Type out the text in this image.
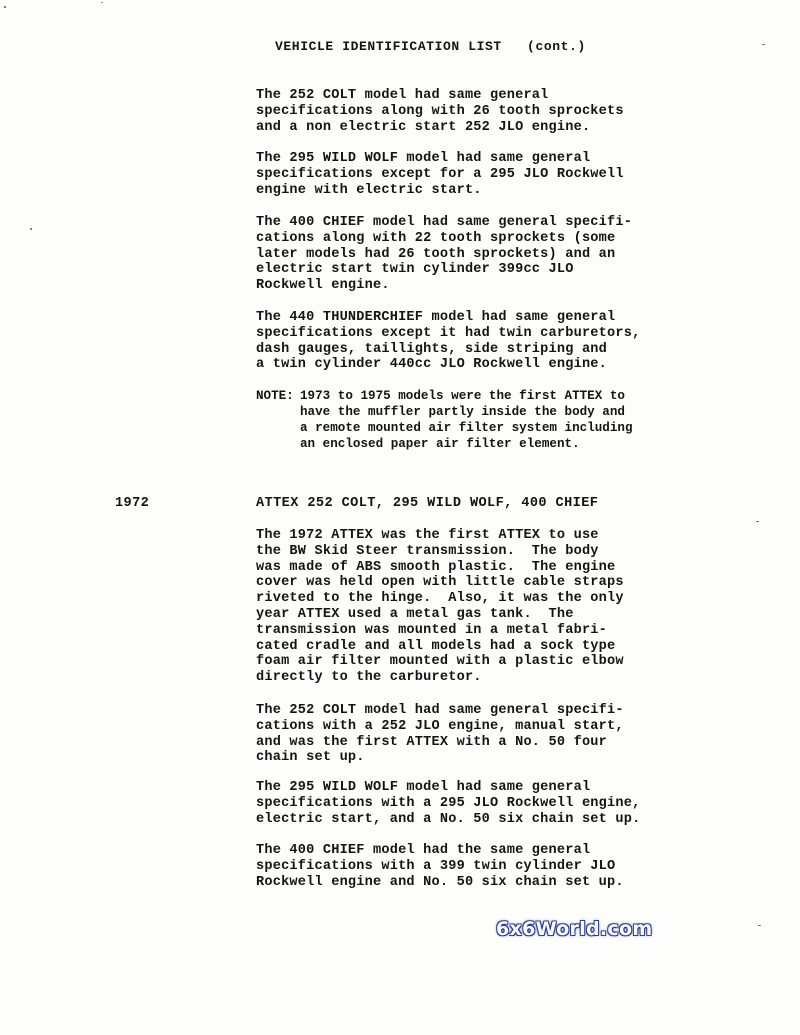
VEHICLE IDENTIFICATION LIST   (cont.)
The 252 COLT model had same general
specifications along with 26 tooth sprockets
and a non electric start 252 JLO engine.
The 295 WILD WOLF model had same general
specifications except for a 295 JLO Rockwell
engine with electric start.
The 400 CHIEF model had same general specifi-
cations along with 22 tooth sprockets (some
later models had 26 tooth sprockets) and an
electric start twin cylinder 399cc JLO
Rockwell engine.
The 440 THUNDERCHIEF model had same general
specifications except it had twin carburetors,
dash gauges, taillights, side striping and
a twin cylinder 440cc JLO Rockwell engine.
NOTE: 1973 to 1975 models were the first ATTEX to
have the muffler partly inside the body and
a remote mounted air filter system including
an enclosed paper air filter element.
1972	ATTEX 252 COLT, 295 WILD WOLF, 400 CHIEF
The 1972 ATTEX was the first ATTEX to use
the BW Skid Steer transmission.  The body
was made of ABS smooth plastic.  The engine
cover was held open with little cable straps
riveted to the hinge.  Also, it was the only
year ATTEX used a metal gas tank.  The
transmission was mounted in a metal fabri-
cated cradle and all models had a sock type
foam air filter mounted with a plastic elbow
directly to the carburetor.
The 252 COLT model had same general specifi-
cations with a 252 JLO engine, manual start,
and was the first ATTEX with a No. 50 four
chain set up.
The 295 WILD WOLF model had same general
specifications with a 295 JLO Rockwell engine,
electric start, and a No. 50 six chain set up.
The 400 CHIEF model had the same general
specifications with a 399 twin cylinder JLO
Rockwell engine and No. 50 six chain set up.
6x6World.com
